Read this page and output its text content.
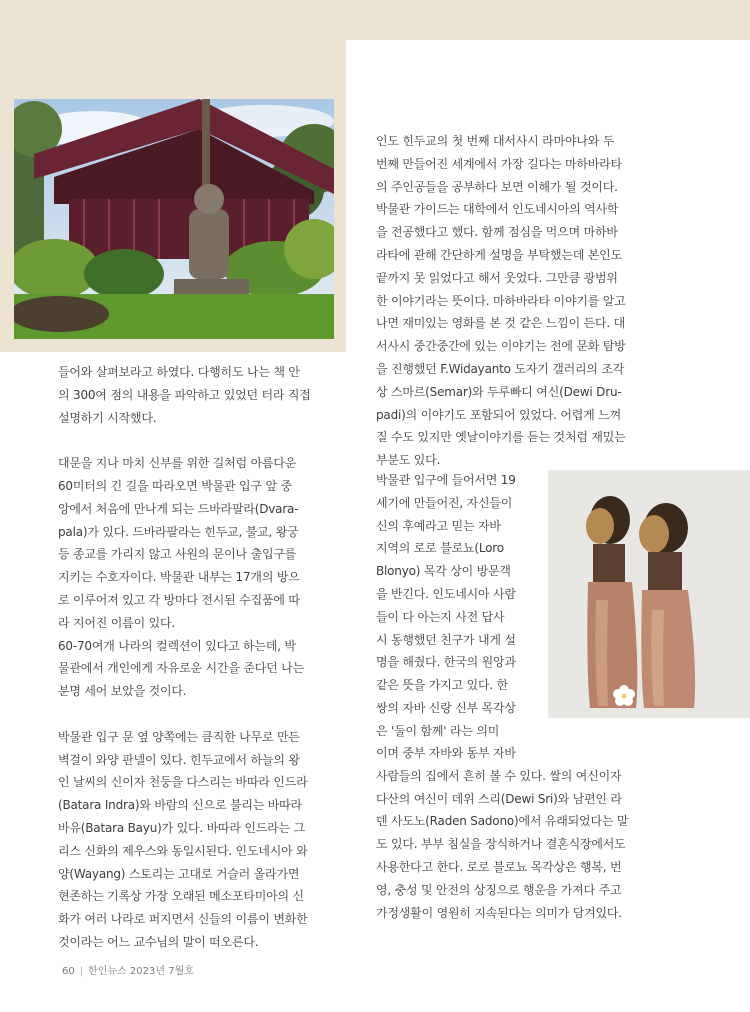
들어와 살펴보라고 하였다. 다행히도 나는 책 안

의 300여 점의 내용을 파악하고 있었던 터라 직접

설명하기 시작했다.

대문을 지나 마치 신부를 위한 길처럼 아름다운

60미터의 긴 길을 따라오면 박물관 입구 앞 중

앙에서 처음에 만나게 되는 드바라팔라(Dvara-

pala)가 있다. 드바라팔라는 힌두교, 불교, 왕궁

등 종교를 가리지 않고 사원의 문이나 출입구를

지키는 수호자이다. 박물관 내부는 17개의 방으

로 이루어져 있고 각 방마다 전시된 수집품에 따

라 지어진 이름이 있다.

60-70여개 나라의 컬렉션이 있다고 하는데, 박

물관에서 개인에게 자유로운 시간을 준다던 나는

분명 세어 보았을 것이다.

박물관 입구 문 옆 양쪽에는 큼직한 나무로 만든

벽걸이 와양 판넬이 있다. 힌두교에서 하늘의 왕

인 날씨의 신이자 천둥을 다스리는 바따라 인드라

(Batara Indra)와 바람의 신으로 불리는 바따라

바유(Batara Bayu)가 있다. 바따라 인드라는 그

리스 신화의 제우스와 동일시된다. 인도네시아 와

양(Wayang) 스토리는 고대로 거슬러 올라가면

현존하는 기록상 가장 오래된 메소포타미아의 신

화가 여러 나라로 퍼지면서 신들의 이름이 변화한

것이라는 어느 교수님의 말이 떠오른다.

인도 힌두교의 첫 번째 대서사시 라마야나와 두

번째 만들어진 세계에서 가장 길다는 마하바라타

의 주인공들을 공부하다 보면 이해가 될 것이다.

박물관 가이드는 대학에서 인도네시아의 역사학

을 전공했다고 했다. 함께 점심을 먹으며 마하바

라타에 관해 간단하게 설명을 부탁했는데 본인도

끝까지 못 읽었다고 해서 웃었다. 그만큼 광범위

한 이야기라는 뜻이다. 마하바라타 이야기를 알고

나면 재미있는 영화를 본 것 같은 느낌이 든다. 대

서사시 중간중간에 있는 이야기는 전에 문화 탐방

을 진행했던 F.Widayanto 도자기 갤러리의 조각

상 스마르(Semar)와 두루빠디 여신(Dewi Dru-

padi)의 이야기도 포함되어 있었다. 어렵게 느껴

질 수도 있지만 옛날이야기를 듣는 것처럼 재밌는

부분도 있다.

박물관 입구에 들어서면 19

세기에 만들어진, 자신들이

신의 후예라고 믿는 자바

지역의 로로 블로뇨(Loro

Blonyo) 목각 상이 방문객

을 반긴다. 인도네시아 사람

들이 다 아는지 사전 답사

시 동행했던 친구가 내게 설

명을 해줬다. 한국의 원앙과

같은 뜻을 가지고 있다. 한

쌍의 자바 신랑 신부 목각상

은 '둘이 함께' 라는 의미

이며 중부 자바와 동부 자바

사람들의 집에서 흔히 볼 수 있다. 쌀의 여신이자

다산의 여신이 데위 스리(Dewi Sri)와 남편인 라

덴 사도노(Raden Sadono)에서 유래되었다는 말

도 있다. 부부 침실을 장식하거나 결혼식장에서도

사용한다고 한다. 로로 블로뇨 목각상은 행복, 번

영, 충성 및 안전의 상징으로 행운을 가져다 주고

가정생활이 영원히 지속된다는 의미가 담겨있다.

60 | 한인뉴스 2023년 7월호
